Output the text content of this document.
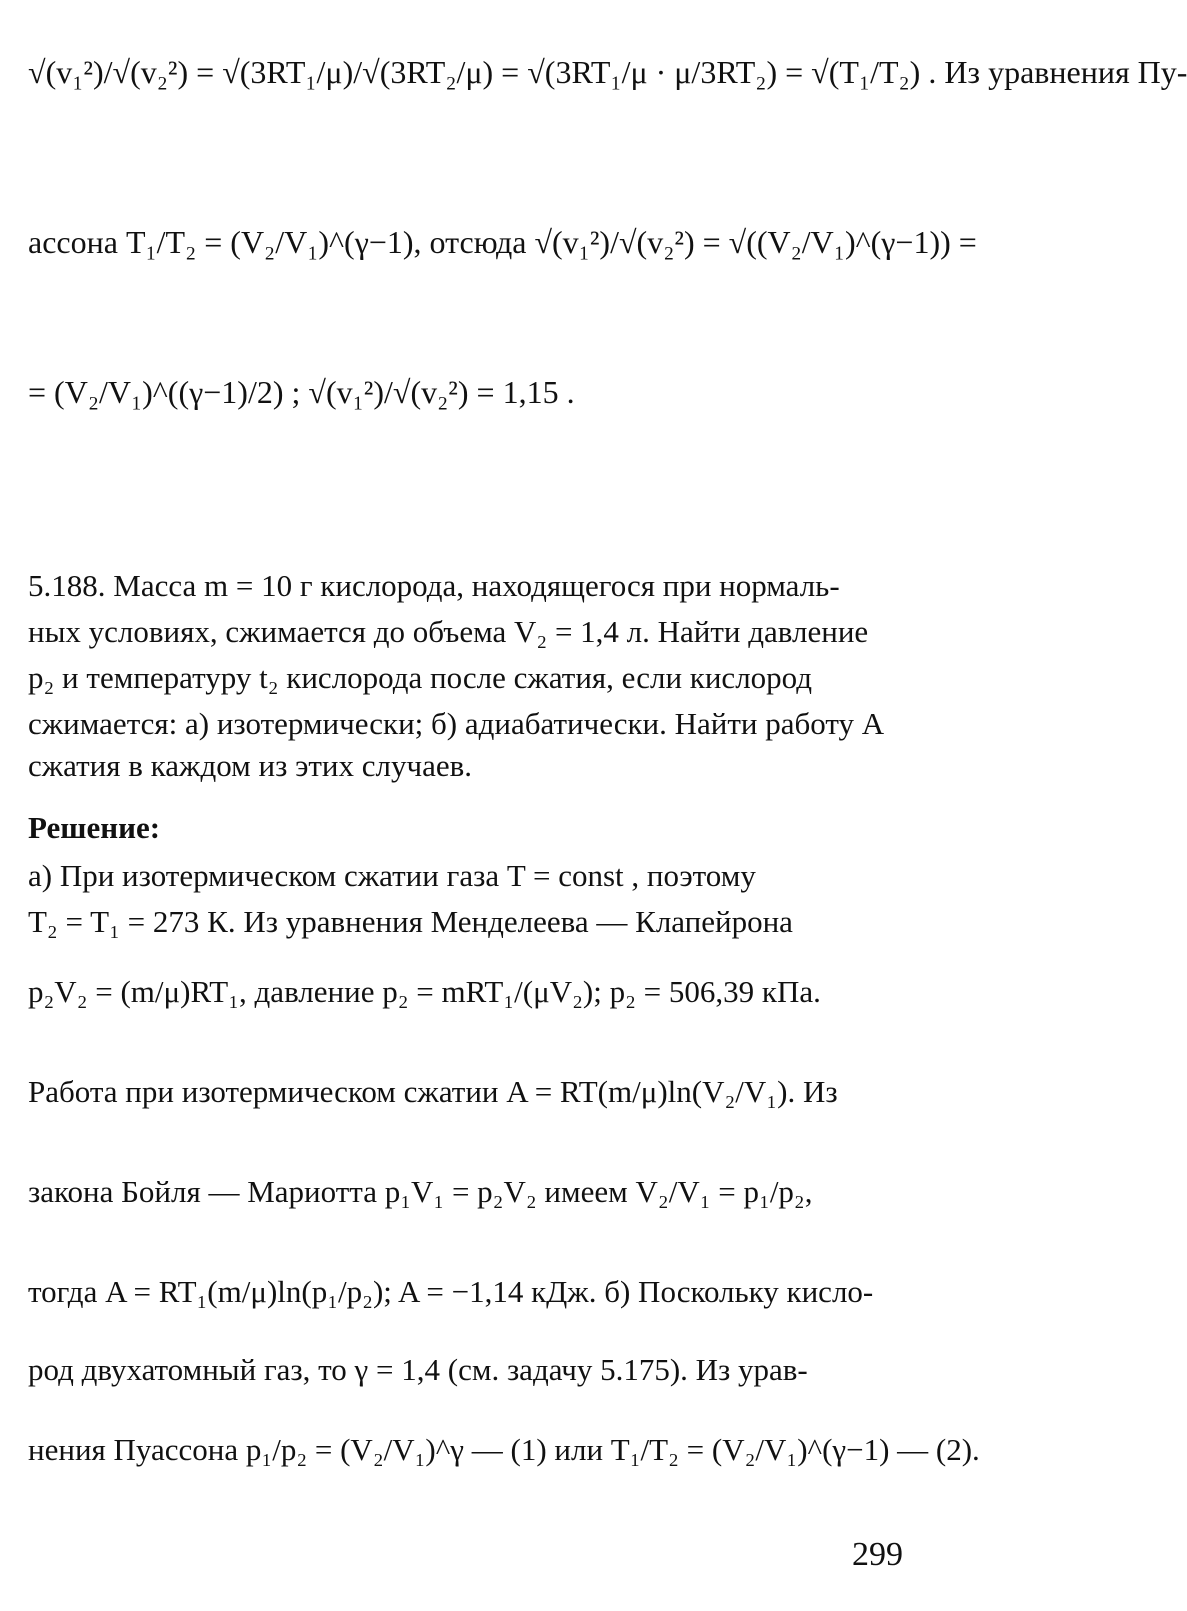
√(v₁²)/√(v₂²) = √(3RT₁/μ)/√(3RT₂/μ) = √(3RT₁/μ · μ/3RT₂) = √(T₁/T₂) . Из уравнения Пу-
ассона T₁/T₂ = (V₂/V₁)^(γ−1), отсюда √(v₁²)/√(v₂²) = √((V₂/V₁)^(γ−1)) =
= (V₂/V₁)^((γ−1)/2) ; √(v₁²)/√(v₂²) = 1,15 .
5.188. Масса m = 10 г кислорода, находящегося при нормаль-
ных условиях, сжимается до объема V₂ = 1,4 л. Найти давление
p₂ и температуру t₂ кислорода после сжатия, если кислород
сжимается: а) изотермически; б) адиабатически. Найти работу A
сжатия в каждом из этих случаев.
Решение:
а) При изотермическом сжатии газа T = const , поэтому
T₂ = T₁ = 273 К. Из уравнения Менделеева — Клапейрона
p₂V₂ = (m/μ)RT₁, давление p₂ = mRT₁/(μV₂); p₂ = 506,39 кПа.
Работа при изотермическом сжатии A = RT(m/μ)ln(V₂/V₁). Из
закона Бойля — Мариотта p₁V₁ = p₂V₂ имеем V₂/V₁ = p₁/p₂,
тогда A = RT₁(m/μ)ln(p₁/p₂); A = −1,14 кДж. б) Поскольку кисло-
род двухатомный газ, то γ = 1,4 (см. задачу 5.175). Из урав-
нения Пуассона p₁/p₂ = (V₂/V₁)^γ — (1) или T₁/T₂ = (V₂/V₁)^(γ−1) — (2).
299
